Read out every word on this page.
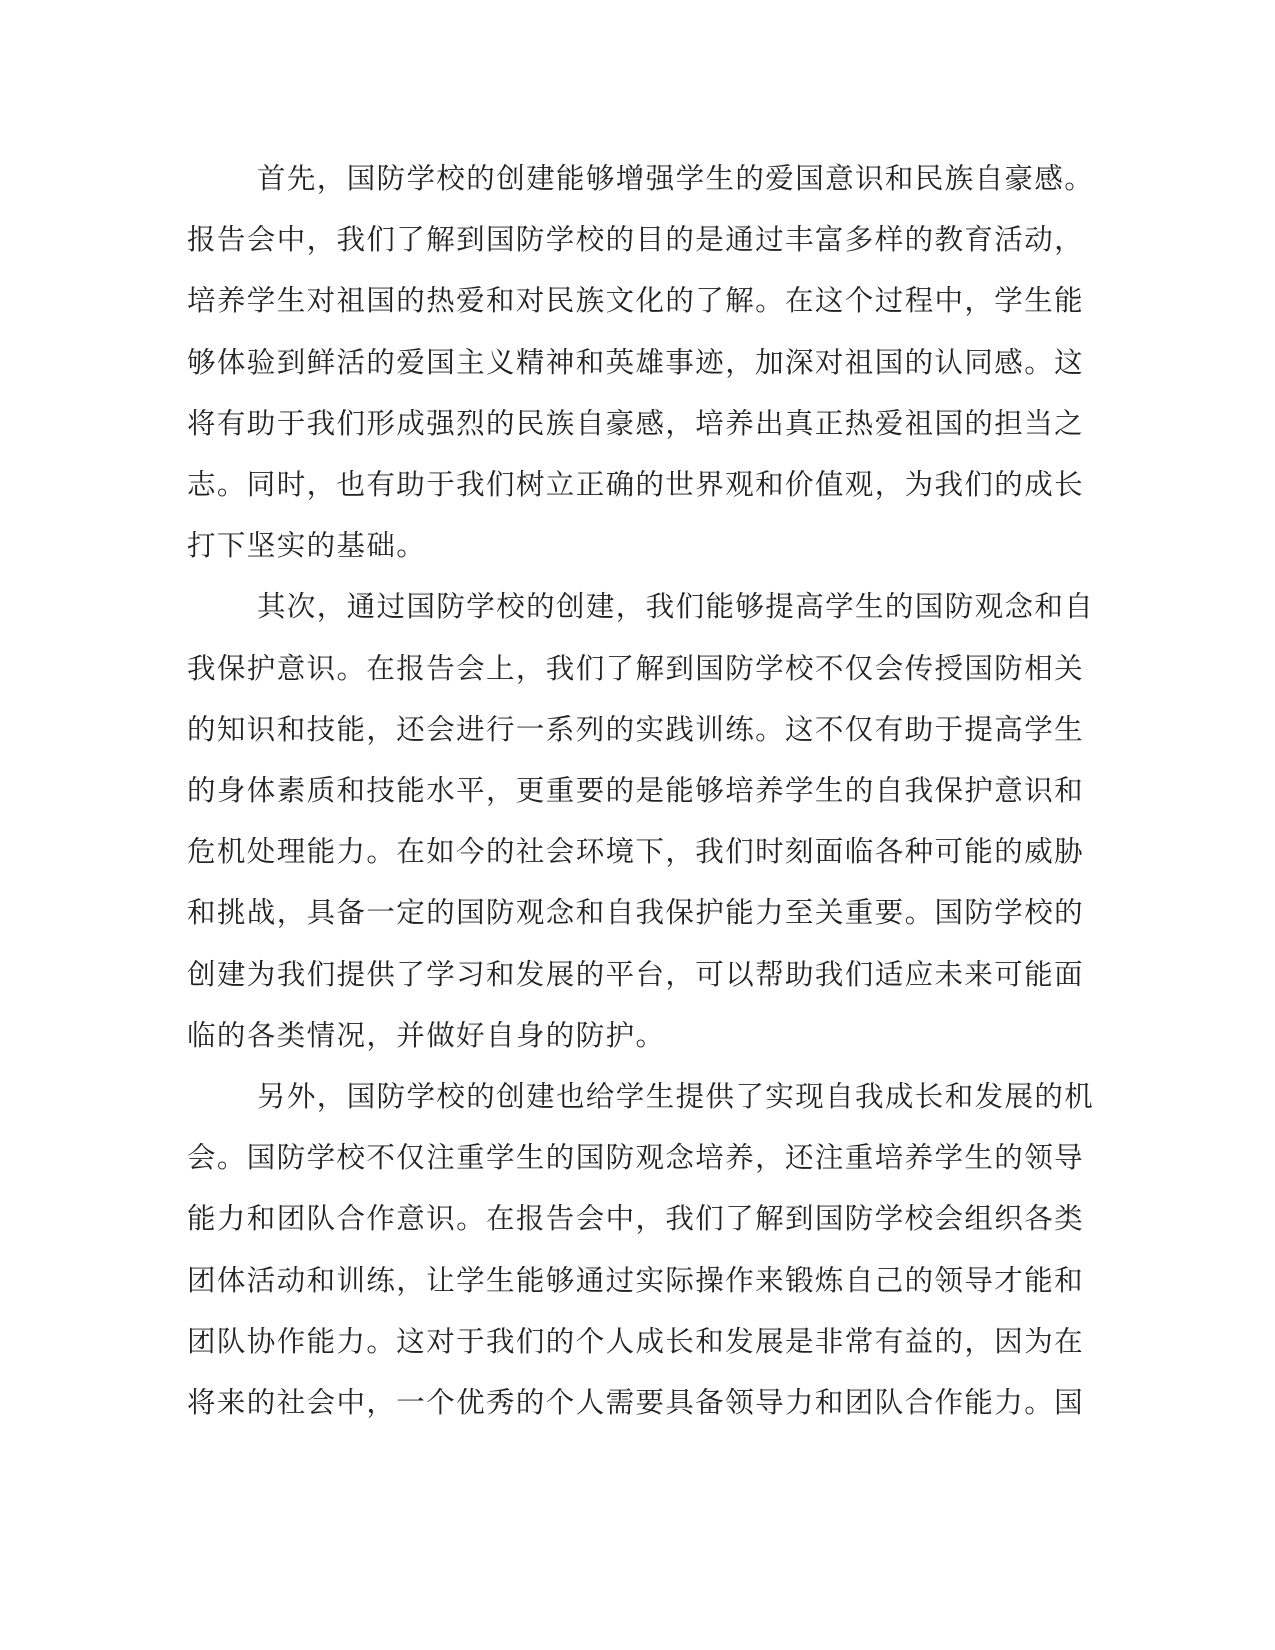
首先，国防学校的创建能够增强学生的爱国意识和民族自豪感。
报告会中，我们了解到国防学校的目的是通过丰富多样的教育活动，
培养学生对祖国的热爱和对民族文化的了解。在这个过程中，学生能
够体验到鲜活的爱国主义精神和英雄事迹，加深对祖国的认同感。这
将有助于我们形成强烈的民族自豪感，培养出真正热爱祖国的担当之
志。同时，也有助于我们树立正确的世界观和价值观，为我们的成长
打下坚实的基础。
其次，通过国防学校的创建，我们能够提高学生的国防观念和自
我保护意识。在报告会上，我们了解到国防学校不仅会传授国防相关
的知识和技能，还会进行一系列的实践训练。这不仅有助于提高学生
的身体素质和技能水平，更重要的是能够培养学生的自我保护意识和
危机处理能力。在如今的社会环境下，我们时刻面临各种可能的威胁
和挑战，具备一定的国防观念和自我保护能力至关重要。国防学校的
创建为我们提供了学习和发展的平台，可以帮助我们适应未来可能面
临的各类情况，并做好自身的防护。
另外，国防学校的创建也给学生提供了实现自我成长和发展的机
会。国防学校不仅注重学生的国防观念培养，还注重培养学生的领导
能力和团队合作意识。在报告会中，我们了解到国防学校会组织各类
团体活动和训练，让学生能够通过实际操作来锻炼自己的领导才能和
团队协作能力。这对于我们的个人成长和发展是非常有益的，因为在
将来的社会中，一个优秀的个人需要具备领导力和团队合作能力。国
